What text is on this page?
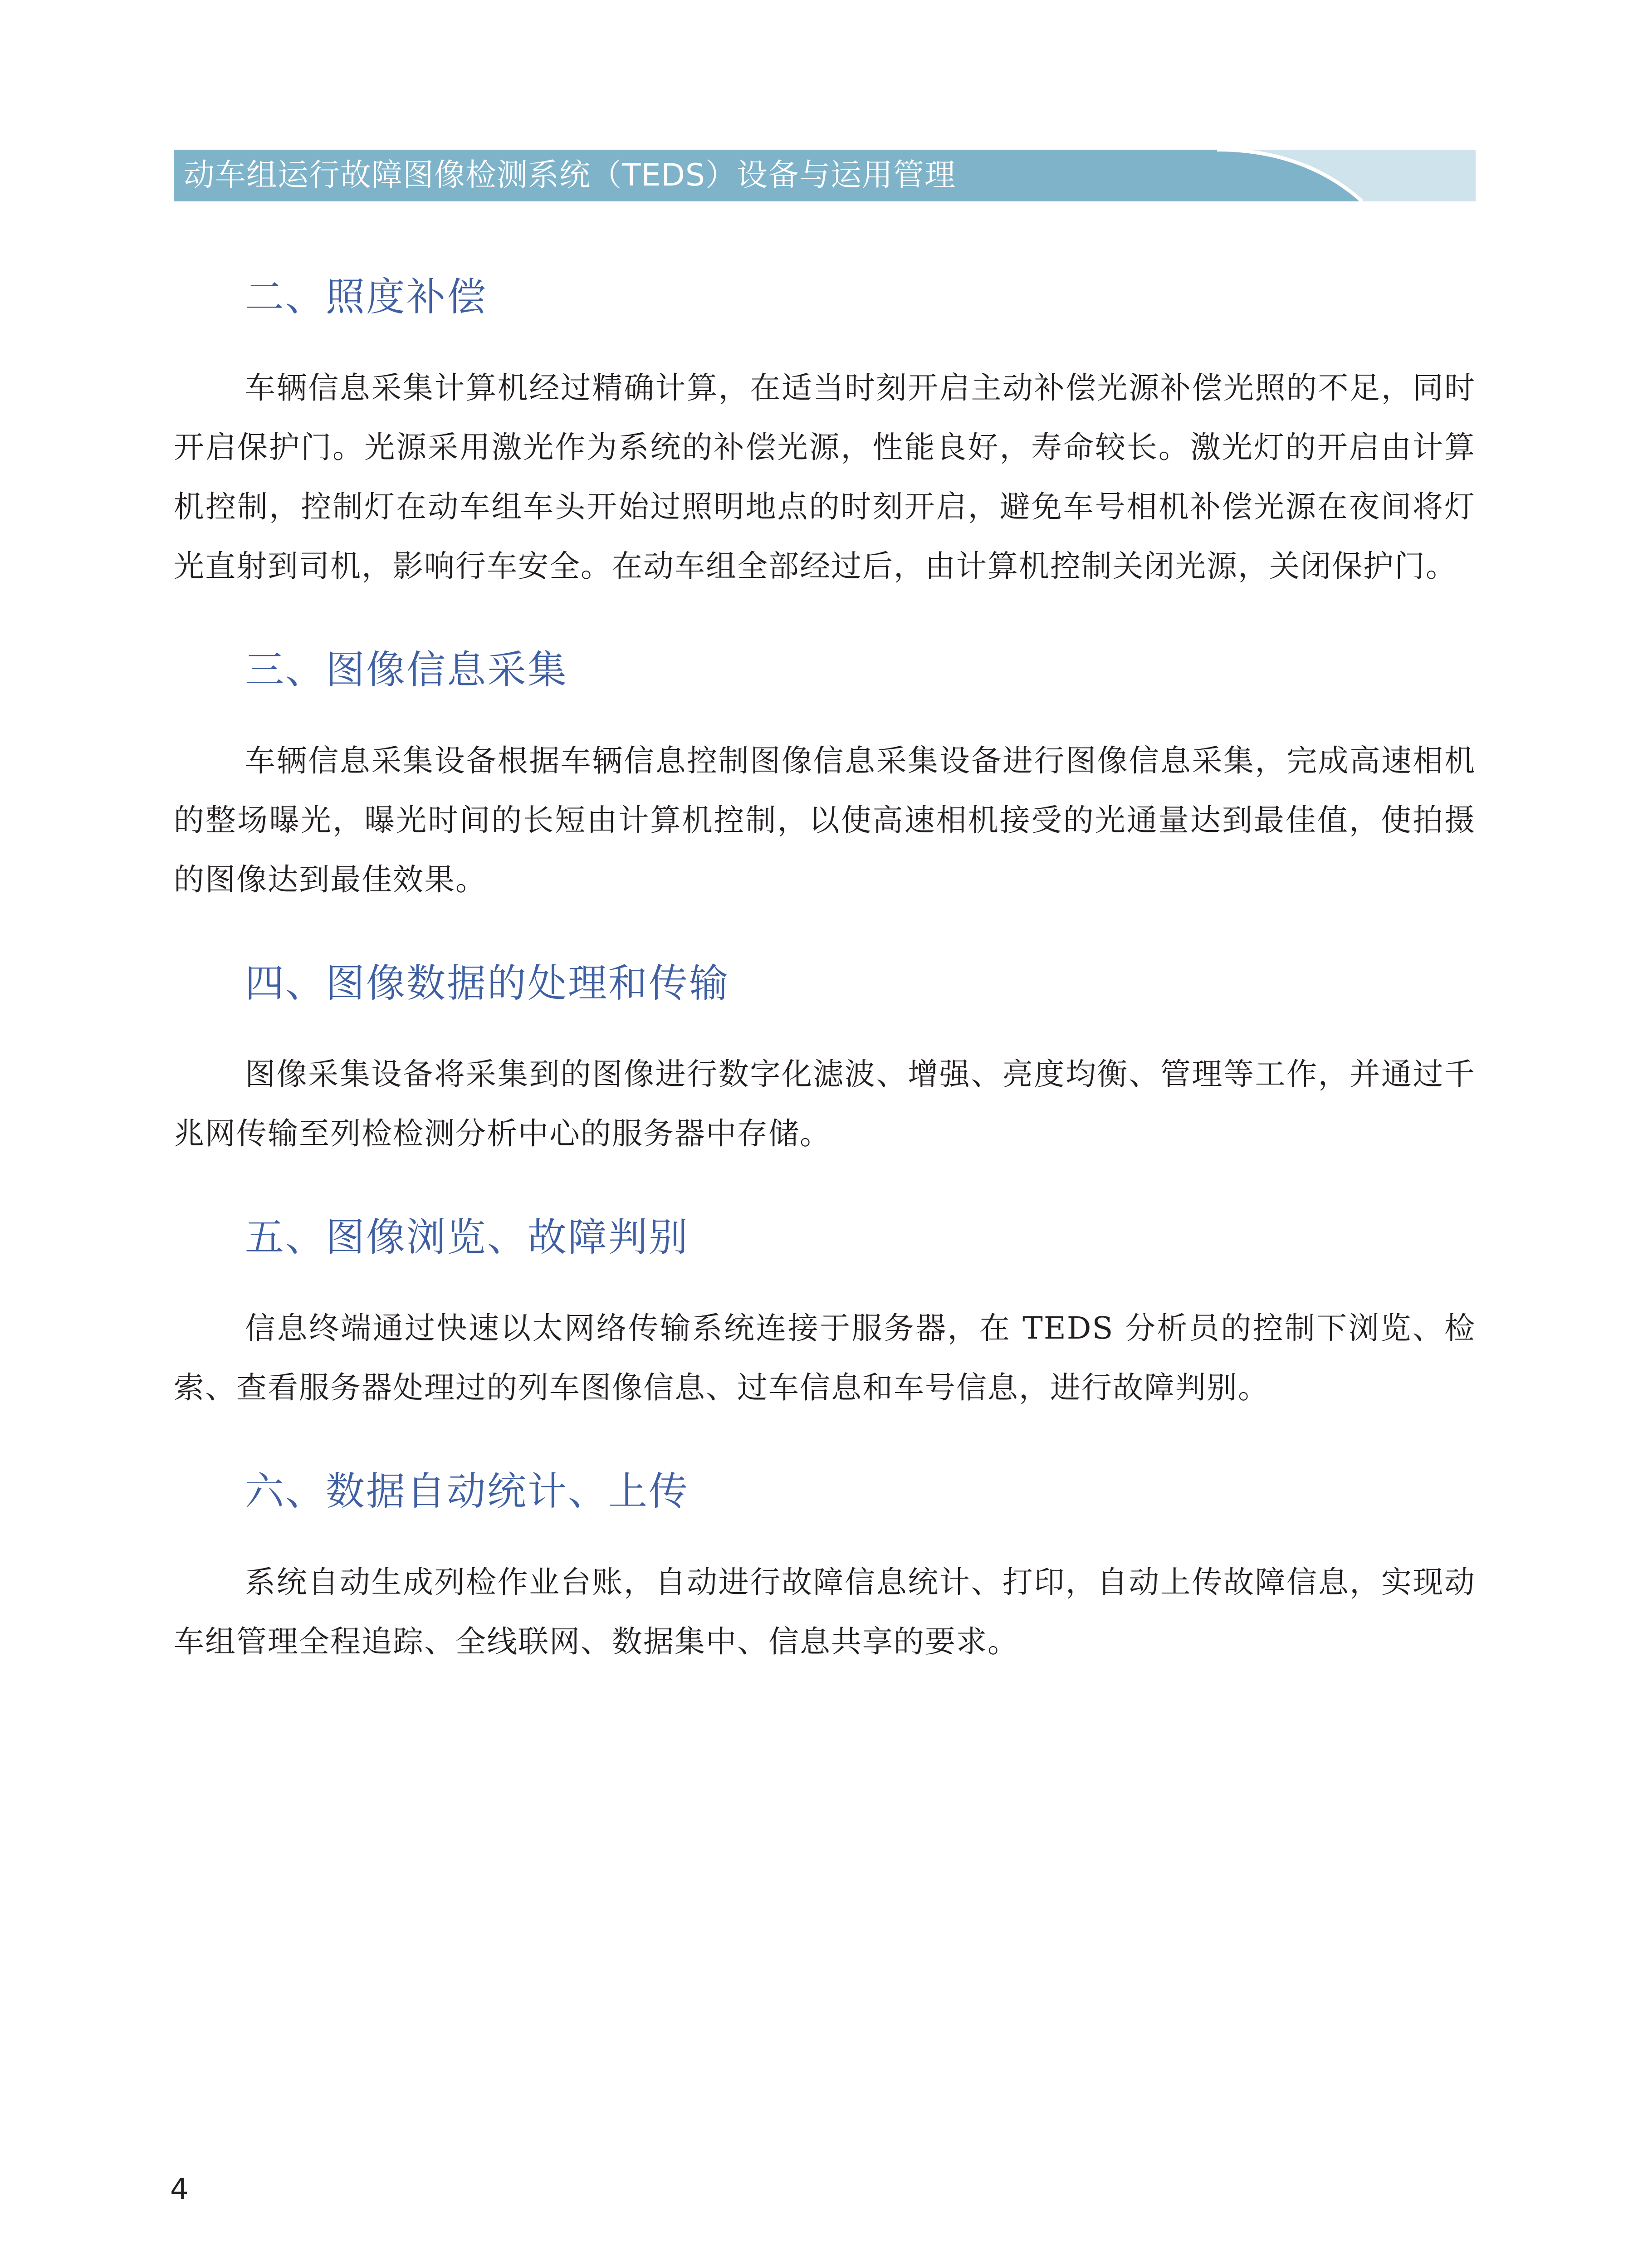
动车组运行故障图像检测系统（TEDS）设备与运用管理
二、照度补偿

车辆信息采集计算机经过精确计算，在适当时刻开启主动补偿光源补偿光照的不足，同时开启保护门。光源采用激光作为系统的补偿光源，性能良好，寿命较长。激光灯的开启由计算机控制，控制灯在动车组车头开始过照明地点的时刻开启，避免车号相机补偿光源在夜间将灯光直射到司机，影响行车安全。在动车组全部经过后，由计算机控制关闭光源，关闭保护门。

三、图像信息采集

车辆信息采集设备根据车辆信息控制图像信息采集设备进行图像信息采集，完成高速相机的整场曝光，曝光时间的长短由计算机控制，以使高速相机接受的光通量达到最佳值，使拍摄的图像达到最佳效果。

四、图像数据的处理和传输

图像采集设备将采集到的图像进行数字化滤波、增强、亮度均衡、管理等工作，并通过千兆网传输至列检检测分析中心的服务器中存储。

五、图像浏览、故障判别

信息终端通过快速以太网络传输系统连接于服务器，在 TEDS 分析员的控制下浏览、检索、查看服务器处理过的列车图像信息、过车信息和车号信息，进行故障判别。

六、数据自动统计、上传

系统自动生成列检作业台账，自动进行故障信息统计、打印，自动上传故障信息，实现动车组管理全程追踪、全线联网、数据集中、信息共享的要求。

4
